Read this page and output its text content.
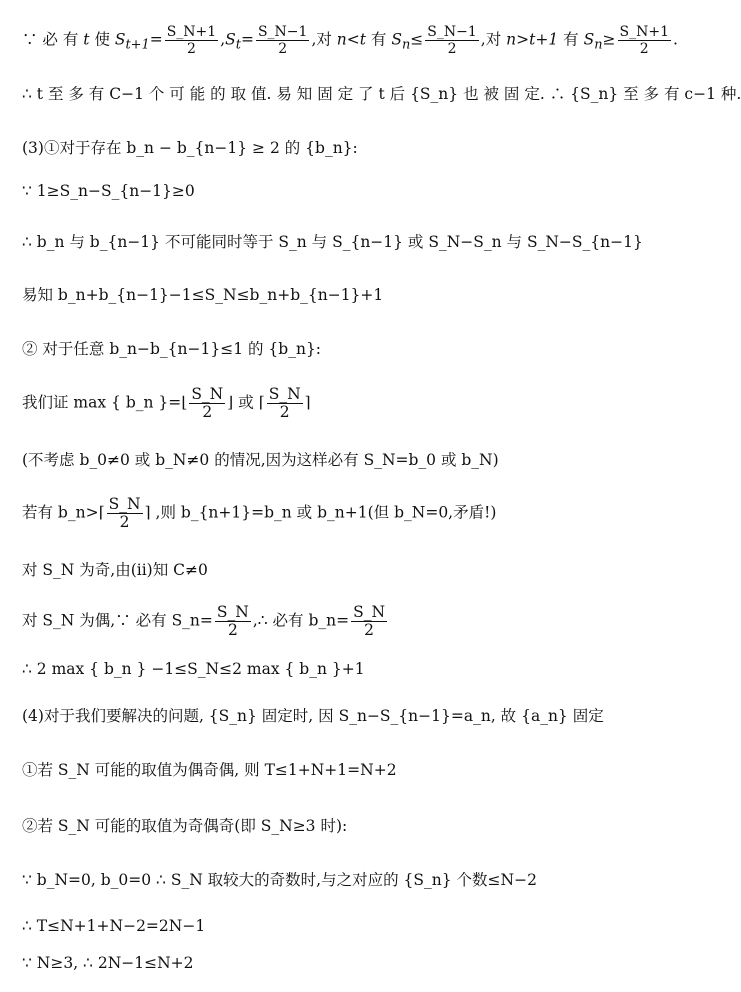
∵ 必 有 t 使 $S_{t+1}= \frac{S\_N+1}{2} ,S_t= \frac{S\_N-1}{2}$ ,对 n<t 有 $S_n\le \frac{S\_N-1}{2}$ ,对 n>t+1 有 $S_n\ge \frac{S\_N+1}{2}$ .
∴ t 至 多 有 C−1 个 可 能 的 取 值. 易 知 固 定 了 t 后 {S_n} 也 被 固 定. ∴ {S_n} 至 多 有 c−1 种.
(3)①对于存在 b_n − b_{n−1} ≥ 2 的 {b_n}:
∵ 1≥S_n−S_{n−1}≥0
∴ b_n 与 b_{n−1} 不可能同时等于 S_n 与 S_{n−1} 或 S_N−S_n 与 S_N−S_{n−1}
易知 b_n+b_{n−1}−1≤S_N≤b_n+b_{n−1}+1
② 对于任意 b_n−b_{n−1}≤1 的 {b_n}:
我们证 max { b_n }=⌊ $\frac{S\_N}{2}$ ⌋ 或 ⌈ $\frac{S\_N}{2}$ ⌉
(不考虑 b_0≠0 或 b_N≠0 的情况,因为这样必有 S_N=b_0 或 b_N)
若有 b_n>⌈ $\frac{S\_N}{2}$ ⌉ ,则 b_{n+1}=b_n 或 b_n+1(但 b_N=0,矛盾!)
对 S_N 为奇,由(ii)知 C≠0
对 S_N 为偶,∵ 必有 S_n= $\frac{S\_N}{2}$ ,∴ 必有 b_n= $\frac{S\_N}{2}$
∴ 2 max { b_n } −1≤S_N≤2 max { b_n }+1
(4)对于我们要解决的问题, {S_n} 固定时, 因 S_n−S_{n−1}=a_n, 故 {a_n} 固定
①若 S_N 可能的取值为偶奇偶, 则 T≤1+N+1=N+2
②若 S_N 可能的取值为奇偶奇(即 S_N≥3 时):
∵ b_N=0, b_0=0 ∴ S_N 取较大的奇数时,与之对应的 {S_n} 个数≤N−2
∴ T≤N+1+N−2=2N−1
∵ N≥3, ∴ 2N−1≤N+2
